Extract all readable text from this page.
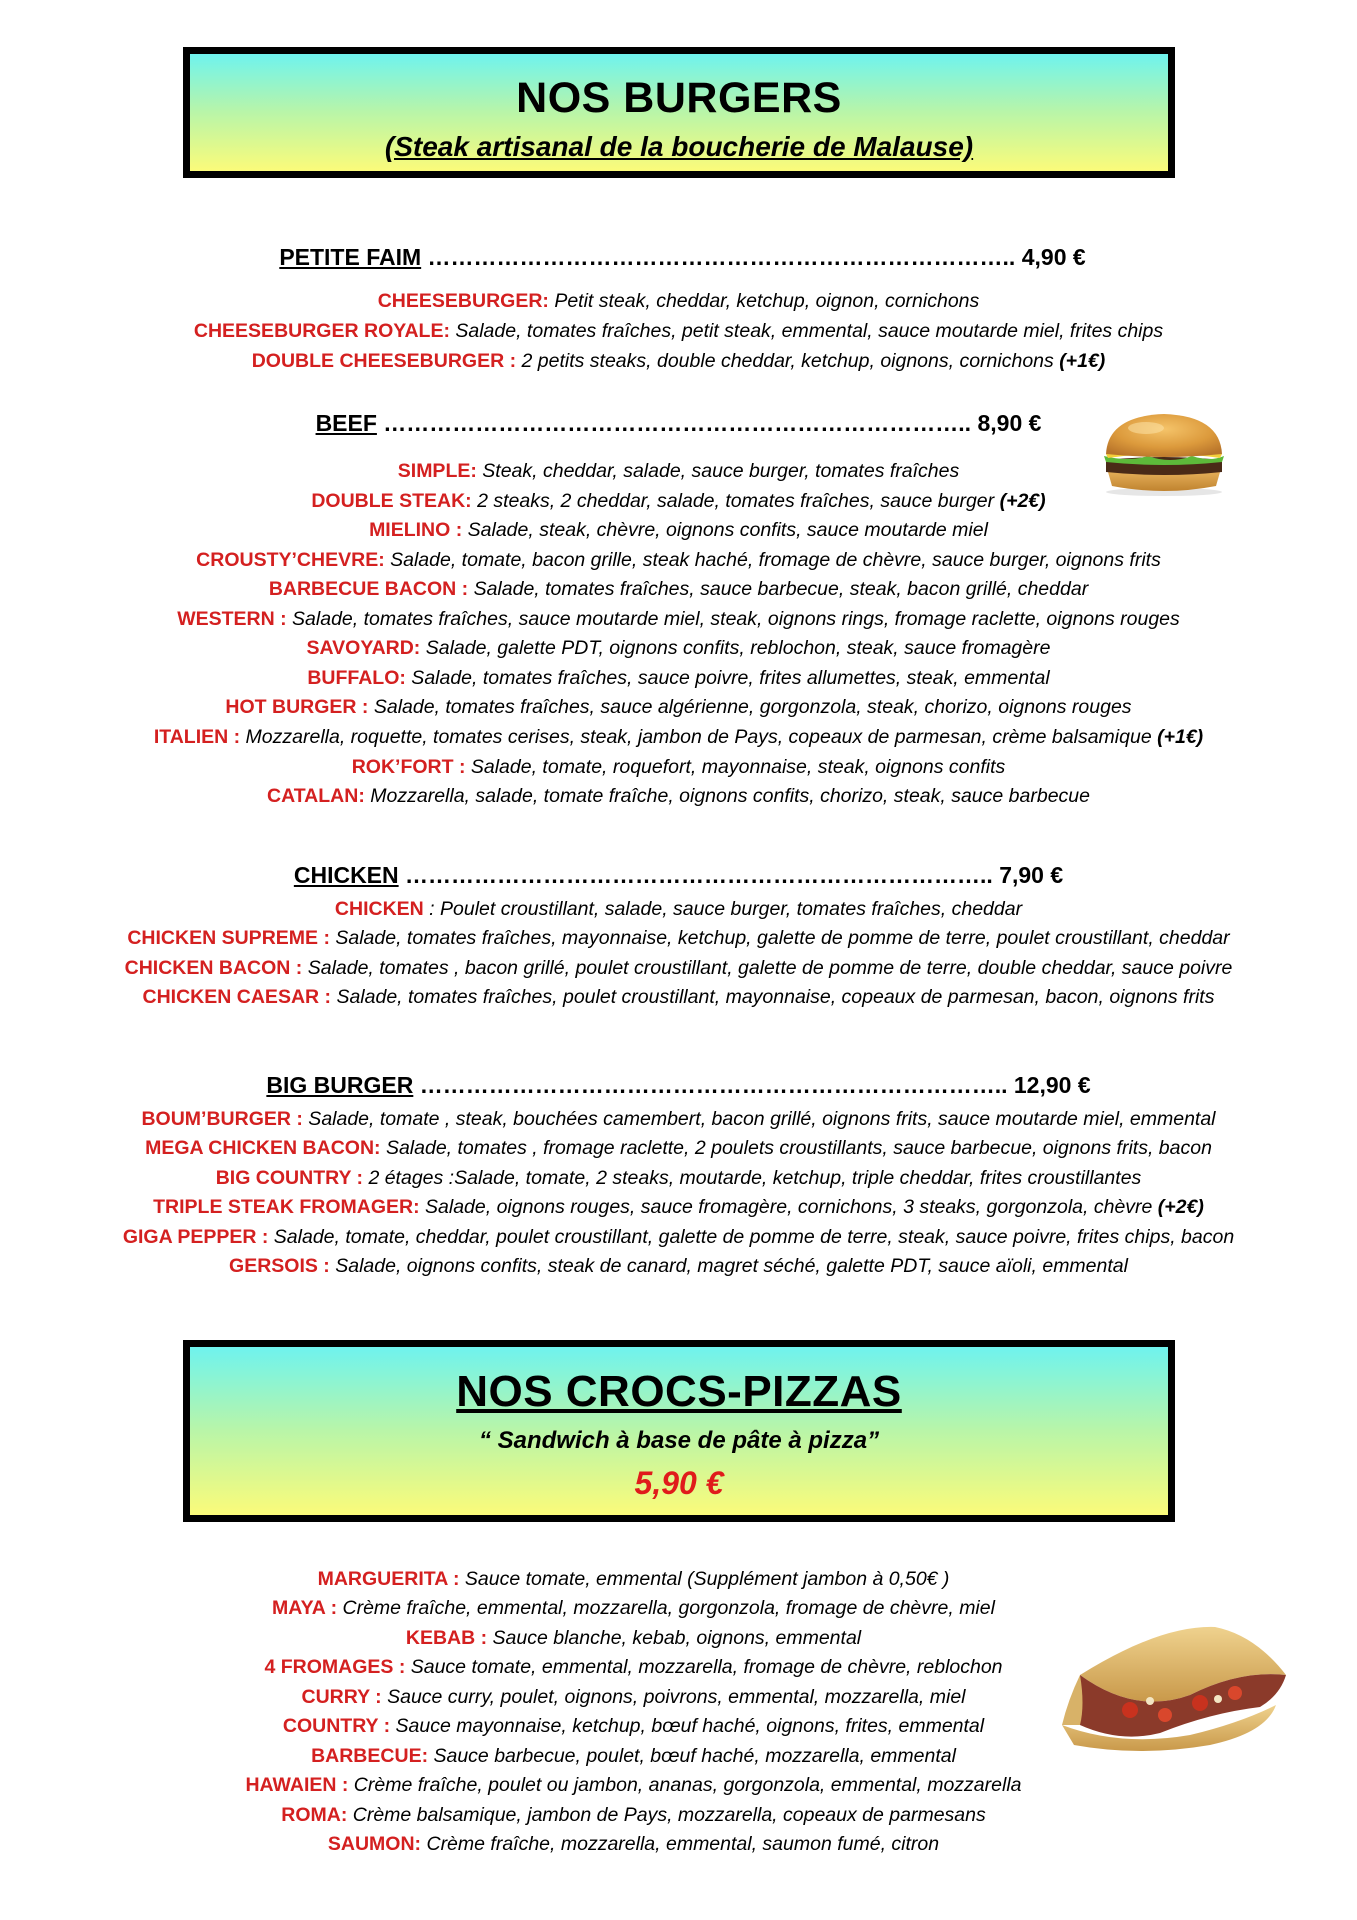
NOS BURGERS
(Steak artisanal de la boucherie de Malause)
PETITE FAIM ………………………………………………………………….. 4,90 €
CHEESEBURGER: Petit steak, cheddar, ketchup, oignon, cornichons
CHEESEBURGER ROYALE: Salade, tomates fraîches, petit steak, emmental, sauce moutarde miel, frites chips
DOUBLE CHEESEBURGER : 2 petits steaks, double cheddar, ketchup, oignons, cornichons (+1€)
BEEF ………………………………………………………………….. 8,90 €
SIMPLE: Steak, cheddar, salade, sauce burger, tomates fraîches
DOUBLE STEAK: 2 steaks, 2 cheddar, salade, tomates fraîches, sauce burger (+2€)
MIELINO : Salade, steak, chèvre, oignons confits, sauce moutarde miel
CROUSTY’CHEVRE: Salade, tomate, bacon grille, steak haché, fromage de chèvre, sauce burger, oignons frits
BARBECUE BACON : Salade, tomates fraîches, sauce barbecue, steak, bacon grillé, cheddar
WESTERN : Salade, tomates fraîches, sauce moutarde miel, steak, oignons rings, fromage raclette, oignons rouges
SAVOYARD: Salade, galette PDT, oignons confits, reblochon, steak, sauce fromagère
BUFFALO: Salade, tomates fraîches, sauce poivre, frites allumettes, steak, emmental
HOT BURGER : Salade, tomates fraîches, sauce algérienne, gorgonzola, steak, chorizo, oignons rouges
ITALIEN : Mozzarella, roquette, tomates cerises, steak, jambon de Pays, copeaux de parmesan, crème balsamique (+1€)
ROK’FORT : Salade, tomate, roquefort, mayonnaise, steak, oignons confits
CATALAN: Mozzarella, salade, tomate fraîche, oignons confits, chorizo, steak, sauce barbecue
CHICKEN ………………………………………………………………….. 7,90 €
CHICKEN : Poulet croustillant, salade, sauce burger, tomates fraîches, cheddar
CHICKEN SUPREME : Salade, tomates fraîches, mayonnaise, ketchup, galette de pomme de terre, poulet croustillant, cheddar
CHICKEN BACON : Salade, tomates , bacon grillé, poulet croustillant, galette de pomme de terre, double cheddar, sauce poivre
CHICKEN CAESAR : Salade, tomates fraîches, poulet croustillant, mayonnaise, copeaux de parmesan, bacon, oignons frits
BIG BURGER ………………………………………………………………….. 12,90 €
BOUM’BURGER : Salade, tomate , steak, bouchées camembert, bacon grillé, oignons frits, sauce moutarde miel, emmental
MEGA CHICKEN BACON: Salade, tomates , fromage raclette, 2 poulets croustillants, sauce barbecue, oignons frits, bacon
BIG COUNTRY : 2 étages :Salade, tomate, 2 steaks, moutarde, ketchup, triple cheddar, frites croustillantes
TRIPLE STEAK FROMAGER: Salade, oignons rouges, sauce fromagère, cornichons, 3 steaks, gorgonzola, chèvre (+2€)
GIGA PEPPER : Salade, tomate, cheddar, poulet croustillant, galette de pomme de terre, steak, sauce poivre, frites chips, bacon
GERSOIS : Salade, oignons confits, steak de canard, magret séché, galette PDT, sauce aïoli, emmental
NOS CROCS-PIZZAS
“ Sandwich à base de pâte à pizza”
5,90 €
MARGUERITA : Sauce tomate, emmental (Supplément jambon à 0,50€ )
MAYA : Crème fraîche, emmental, mozzarella, gorgonzola, fromage de chèvre, miel
KEBAB : Sauce blanche, kebab, oignons, emmental
4 FROMAGES : Sauce tomate, emmental, mozzarella, fromage de chèvre, reblochon
CURRY : Sauce curry, poulet, oignons, poivrons, emmental, mozzarella, miel
COUNTRY : Sauce mayonnaise, ketchup, bœuf haché, oignons, frites, emmental
BARBECUE: Sauce barbecue, poulet, bœuf haché, mozzarella, emmental
HAWAIEN : Crème fraîche, poulet ou jambon, ananas, gorgonzola, emmental, mozzarella
ROMA: Crème balsamique, jambon de Pays, mozzarella, copeaux de parmesans
SAUMON: Crème fraîche, mozzarella, emmental, saumon fumé, citron
